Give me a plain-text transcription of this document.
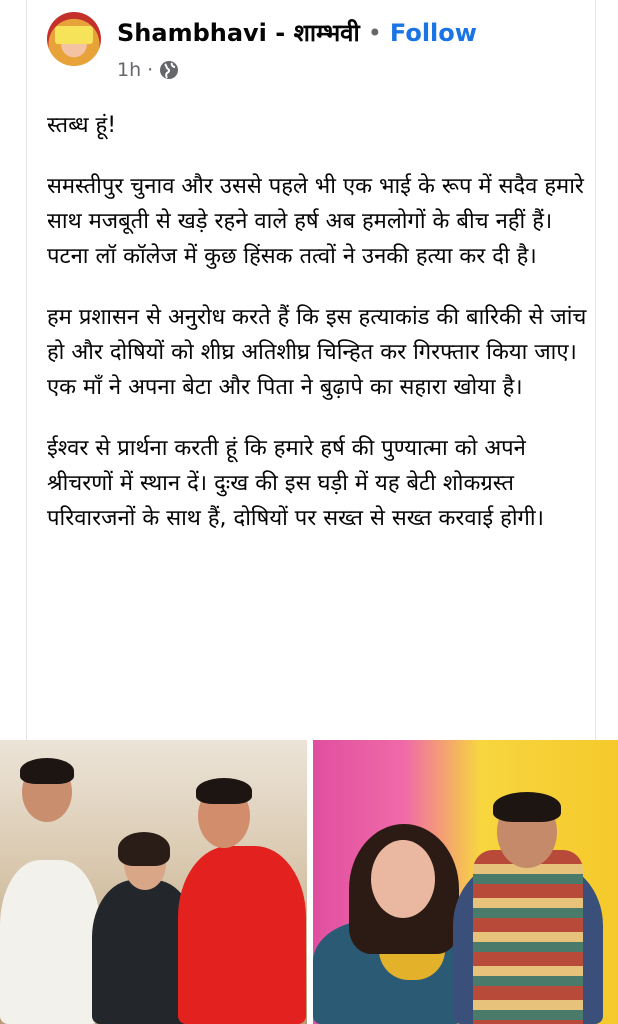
Shambhavi - शाम्भवी • Follow
1h ·

स्तब्ध हूं!

समस्तीपुर चुनाव और उससे पहले भी एक भाई के रूप में सदैव हमारे साथ मजबूती से खड़े रहने वाले हर्ष अब हमलोगों के बीच नहीं हैं। पटना लॉ कॉलेज में कुछ हिंसक तत्वों ने उनकी हत्या कर दी है।

हम प्रशासन से अनुरोध करते हैं कि इस हत्याकांड की बारिकी से जांच हो और दोषियों को शीघ्र अतिशीघ्र चिन्हित कर गिरफ्तार किया जाए। एक माँ ने अपना बेटा और पिता ने बुढ़ापे का सहारा खोया है।

ईश्वर से प्रार्थना करती हूं कि हमारे हर्ष की पुण्यात्मा को अपने श्रीचरणों में स्थान दें। दुःख की इस घड़ी में यह बेटी शोकग्रस्त परिवारजनों के साथ हैं, दोषियों पर सख्त से सख्त करवाई होगी।
